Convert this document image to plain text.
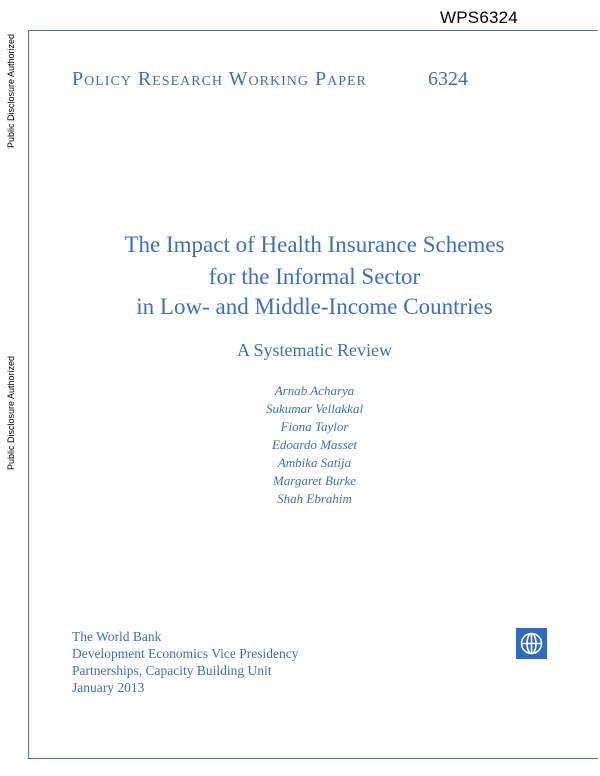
WPS6324
Public Disclosure Authorized
Public Disclosure Authorized
Policy Research Working Paper	6324
The Impact of Health Insurance Schemes
for the Informal Sector
in Low- and Middle-Income Countries
A Systematic Review
Arnab Acharya
Sukumar Vellakkal
Fiona Taylor
Edoardo Masset
Ambika Satija
Margaret Burke
Shah Ebrahim
The World Bank
Development Economics Vice Presidency
Partnerships, Capacity Building Unit
January 2013
